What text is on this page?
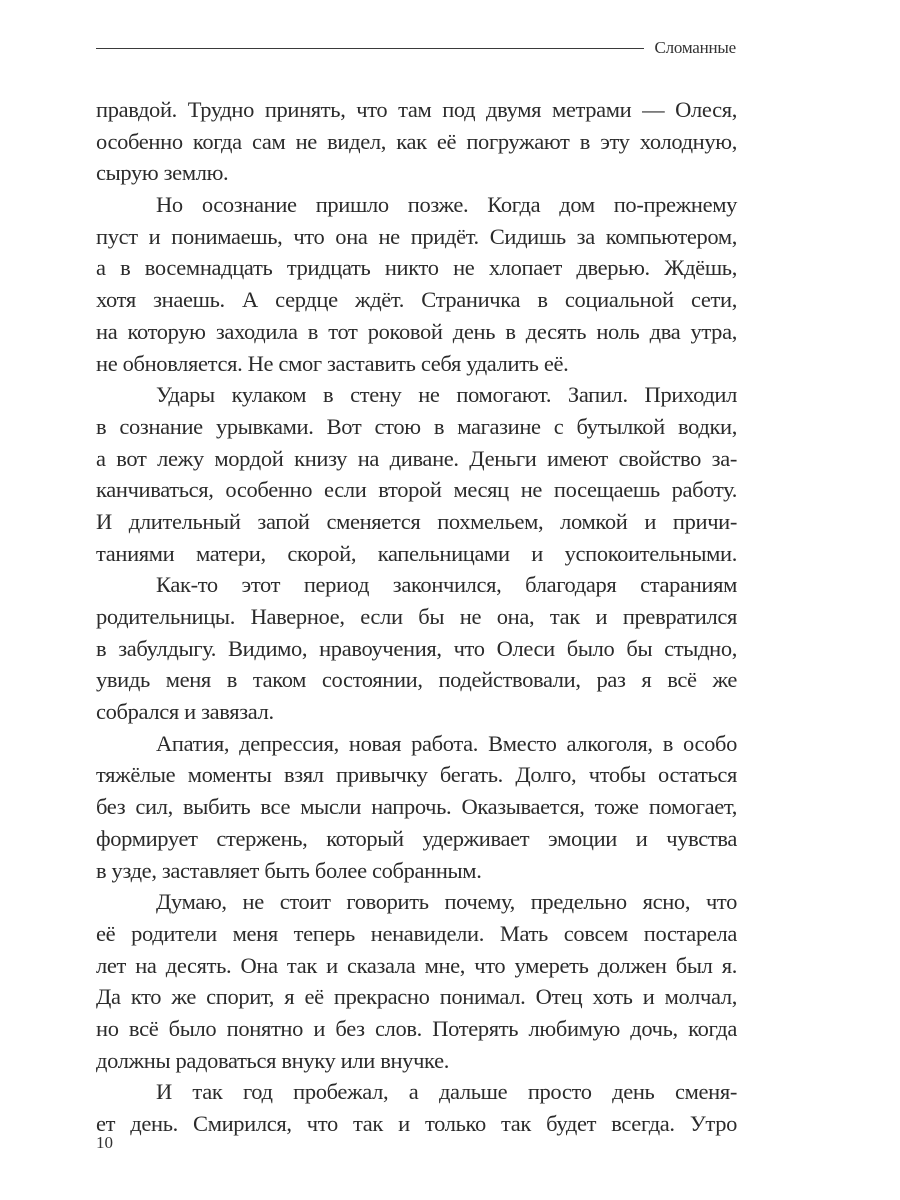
Сломанные
правдой. Трудно принять, что там под двумя метрами — Олеся,
особенно когда сам не видел, как её погружают в эту холодную,
сырую землю.
Но осознание пришло позже. Когда дом по-прежнему
пуст и понимаешь, что она не придёт. Сидишь за компьютером,
а в восемнадцать тридцать никто не хлопает дверью. Ждёшь,
хотя знаешь. А сердце ждёт. Страничка в социальной сети,
на которую заходила в тот роковой день в десять ноль два утра,
не обновляется. Не смог заставить себя удалить её.
Удары кулаком в стену не помогают. Запил. Приходил
в сознание урывками. Вот стою в магазине с бутылкой водки,
а вот лежу мордой книзу на диване. Деньги имеют свойство за-
канчиваться, особенно если второй месяц не посещаешь работу.
И длительный запой сменяется похмельем, ломкой и причи-
таниями матери, скорой, капельницами и успокоительными.
Как-то этот период закончился, благодаря стараниям
родительницы. Наверное, если бы не она, так и превратился
в забулдыгу. Видимо, нравоучения, что Олеси было бы стыдно,
увидь меня в таком состоянии, подействовали, раз я всё же
собрался и завязал.
Апатия, депрессия, новая работа. Вместо алкоголя, в особо
тяжёлые моменты взял привычку бегать. Долго, чтобы остаться
без сил, выбить все мысли напрочь. Оказывается, тоже помогает,
формирует стержень, который удерживает эмоции и чувства
в узде, заставляет быть более собранным.
Думаю, не стоит говорить почему, предельно ясно, что
её родители меня теперь ненавидели. Мать совсем постарела
лет на десять. Она так и сказала мне, что умереть должен был я.
Да кто же спорит, я её прекрасно понимал. Отец хоть и молчал,
но всё было понятно и без слов. Потерять любимую дочь, когда
должны радоваться внуку или внучке.
И так год пробежал, а дальше просто день сменя-
ет день. Смирился, что так и только так будет всегда. Утро
10
